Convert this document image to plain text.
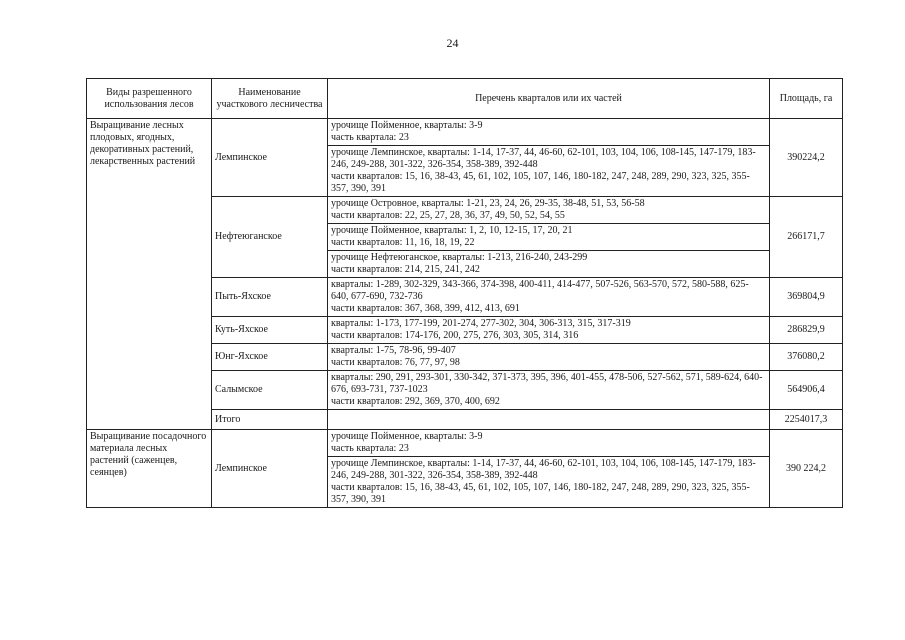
24
Виды разрешенного использования лесов	Наименование участкового лесничества	Перечень кварталов или их частей	Площадь, га
Выращивание лесных плодовых, ягодных, декоративных растений, лекарственных растений	Лемпинское	урочище Пойменное, кварталы: 3-9
часть квартала: 23	390224,2

		урочище Лемпинское, кварталы: 1-14, 17-37, 44, 46-60, 62-101, 103, 104, 106, 108-145, 147-179, 183-246, 249-288, 301-322, 326-354, 358-389, 392-448
части кварталов: 15, 16, 38-43, 45, 61, 102, 105, 107, 146, 180-182, 247, 248, 289, 290, 323, 325, 355-357, 390, 391	

	Нефтеюганское	урочище Островное, кварталы: 1-21, 23, 24, 26, 29-35, 38-48, 51, 53, 56-58
части кварталов: 22, 25, 27, 28, 36, 37, 49, 50, 52, 54, 55	266171,7

		урочище Пойменное, кварталы: 1, 2, 10, 12-15, 17, 20, 21
части кварталов: 11, 16, 18, 19, 22	

		урочище Нефтеюганское, кварталы: 1-213, 216-240, 243-299
части кварталов: 214, 215, 241, 242	

	Пыть-Яхское	кварталы: 1-289, 302-329, 343-366, 374-398, 400-411, 414-477, 507-526, 563-570, 572, 580-588, 625-640, 677-690, 732-736
части кварталов: 367, 368, 399, 412, 413, 691	369804,9
	Куть-Яхское	кварталы: 1-173, 177-199, 201-274, 277-302, 304, 306-313, 315, 317-319
части кварталов: 174-176, 200, 275, 276, 303, 305, 314, 316	286829,9
	Юнг-Яхское	кварталы: 1-75, 78-96, 99-407
части кварталов: 76, 77, 97, 98	376080,2
	Салымское	кварталы: 290, 291, 293-301, 330-342, 371-373, 395, 396, 401-455, 478-506, 527-562, 571, 589-624, 640-676, 693-731, 737-1023
части кварталов: 292, 369, 370, 400, 692	564906,4
	Итого		2254017,3
Выращивание посадочного материала лесных растений (саженцев, сеянцев)	Лемпинское	урочище Пойменное, кварталы: 3-9
часть квартала: 23	390 224,2

		урочище Лемпинское, кварталы: 1-14, 17-37, 44, 46-60, 62-101, 103, 104, 106, 108-145, 147-179, 183-246, 249-288, 301-322, 326-354, 358-389, 392-448
части кварталов: 15, 16, 38-43, 45, 61, 102, 105, 107, 146, 180-182, 247, 248, 289, 290, 323, 325, 355-357, 390, 391	
